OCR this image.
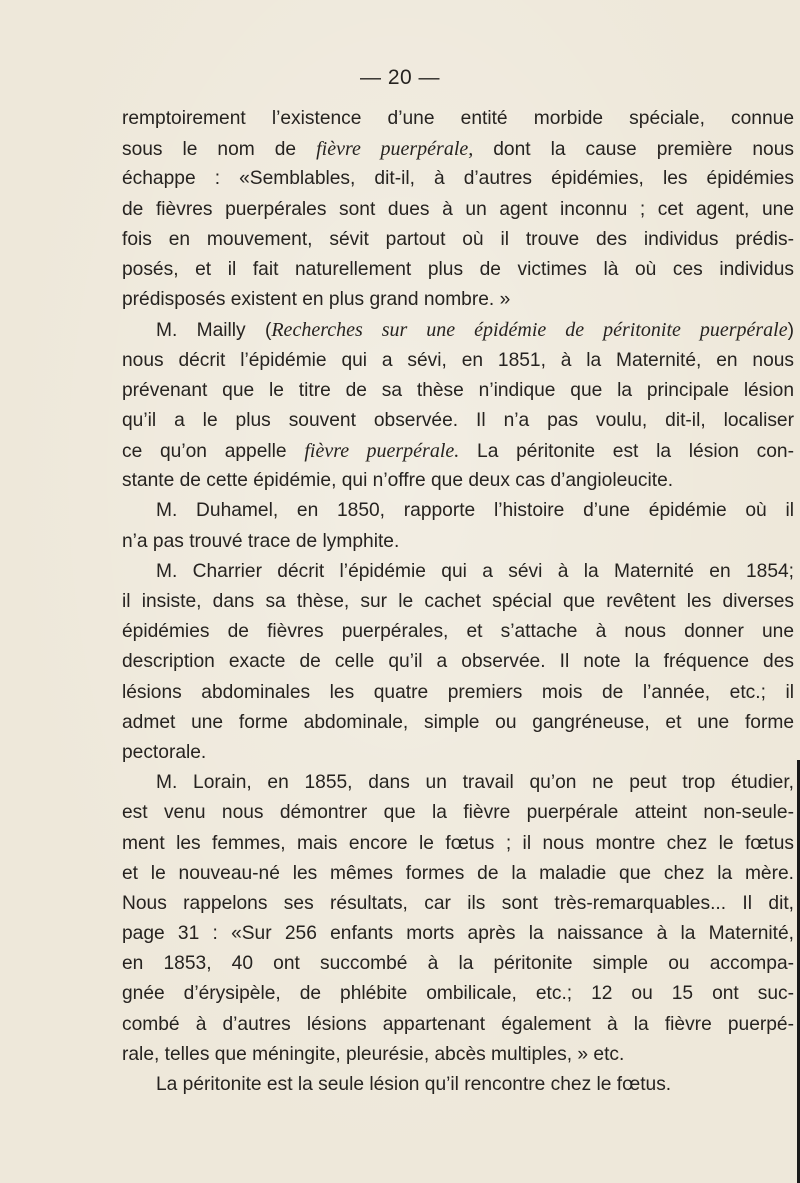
— 20 —
remptoirement l’existence d’une entité morbide spéciale, connue
sous le nom de fièvre puerpérale, dont la cause première nous
échappe : «Semblables, dit-il, à d’autres épidémies, les épidémies
de fièvres puerpérales sont dues à un agent inconnu ; cet agent, une
fois en mouvement, sévit partout où il trouve des individus prédis-
posés, et il fait naturellement plus de victimes là où ces individus
prédisposés existent en plus grand nombre. »
M. Mailly (Recherches sur une épidémie de péritonite puerpérale)
nous décrit l’épidémie qui a sévi, en 1851, à la Maternité, en nous
prévenant que le titre de sa thèse n’indique que la principale lésion
qu’il a le plus souvent observée. Il n’a pas voulu, dit-il, localiser
ce qu’on appelle fièvre puerpérale. La péritonite est la lésion con-
stante de cette épidémie, qui n’offre que deux cas d’angioleucite.
M. Duhamel, en 1850, rapporte l’histoire d’une épidémie où il
n’a pas trouvé trace de lymphite.
M. Charrier décrit l’épidémie qui a sévi à la Maternité en 1854;
il insiste, dans sa thèse, sur le cachet spécial que revêtent les diverses
épidémies de fièvres puerpérales, et s’attache à nous donner une
description exacte de celle qu’il a observée. Il note la fréquence des
lésions abdominales les quatre premiers mois de l’année, etc.; il
admet une forme abdominale, simple ou gangréneuse, et une forme
pectorale.
M. Lorain, en 1855, dans un travail qu’on ne peut trop étudier,
est venu nous démontrer que la fièvre puerpérale atteint non-seule-
ment les femmes, mais encore le fœtus ; il nous montre chez le fœtus
et le nouveau-né les mêmes formes de la maladie que chez la mère.
Nous rappelons ses résultats, car ils sont très-remarquables... Il dit,
page 31 : «Sur 256 enfants morts après la naissance à la Maternité,
en 1853, 40 ont succombé à la péritonite simple ou accompa-
gnée d’érysipèle, de phlébite ombilicale, etc.; 12 ou 15 ont suc-
combé à d’autres lésions appartenant également à la fièvre puerpé-
rale, telles que méningite, pleurésie, abcès multiples, » etc.
La péritonite est la seule lésion qu’il rencontre chez le fœtus.
